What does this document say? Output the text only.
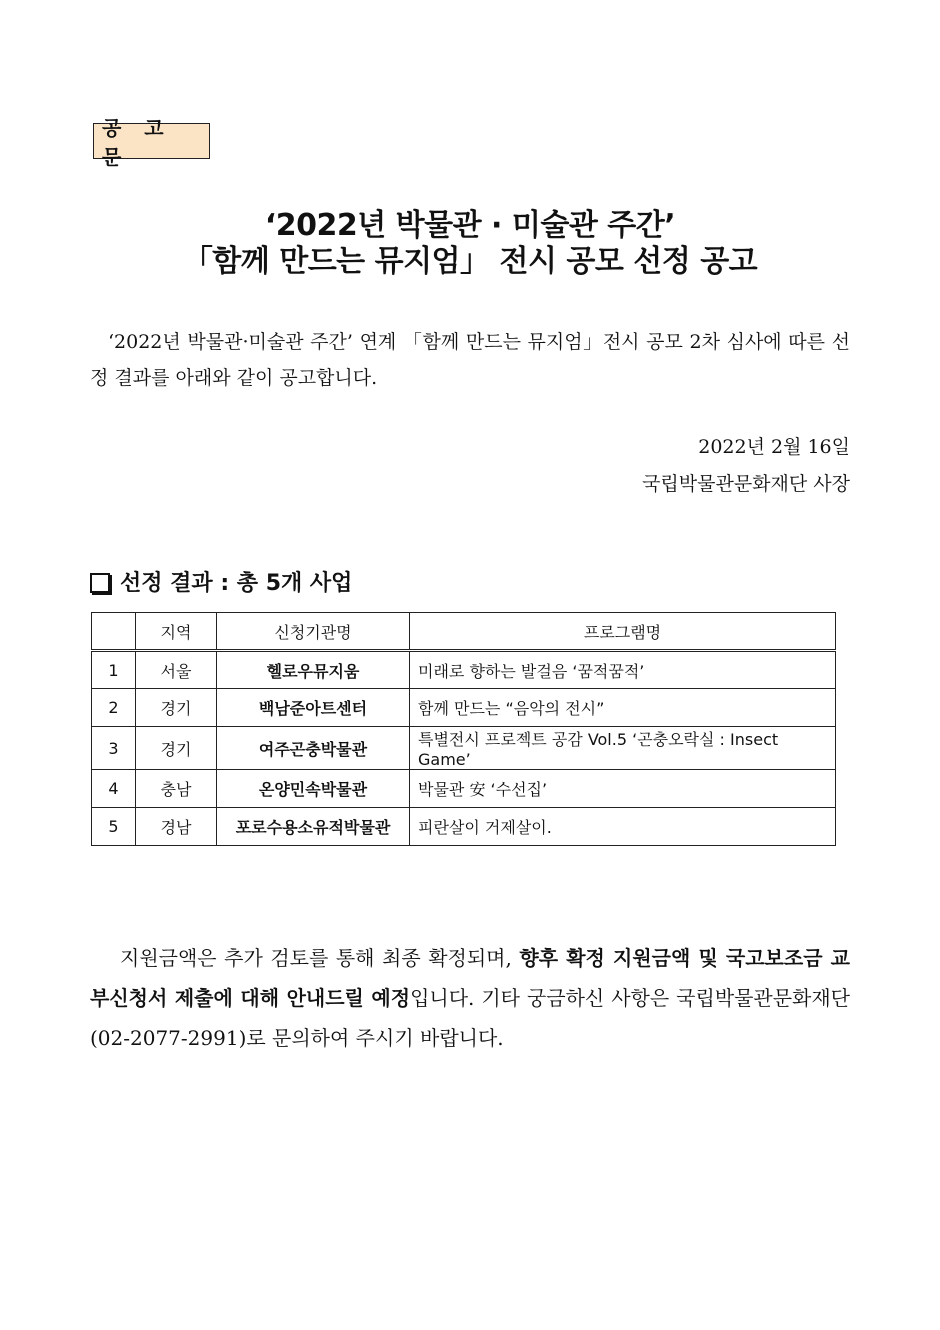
공 고 문
‘2022년 박물관 · 미술관 주간’
「함께 만드는 뮤지엄」 전시 공모 선정 공고
‘2022년 박물관·미술관 주간’ 연계 「함께 만드는 뮤지엄」전시 공모 2차 심사에 따른 선정 결과를 아래와 같이 공고합니다.
2022년 2월 16일
국립박물관문화재단 사장
선정 결과 : 총 5개 사업
	지역	신청기관명	프로그램명
1	서울	헬로우뮤지움	미래로 향하는 발걸음 ‘꿈적꿈적’
2	경기	백남준아트센터	함께 만드는 “음악의 전시”
3	경기	여주곤충박물관	특별전시 프로젝트 공감 Vol.5 ‘곤충오락실 : Insect Game’
4	충남	온양민속박물관	박물관 安 ‘수선집’
5	경남	포로수용소유적박물관	피란살이 거제살이.
지원금액은 추가 검토를 통해 최종 확정되며, 향후 확정 지원금액 및 국고보조금 교부신청서 제출에 대해 안내드릴 예정입니다. 기타 궁금하신 사항은 국립박물관문화재단(02-2077-2991)로 문의하여 주시기 바랍니다.
